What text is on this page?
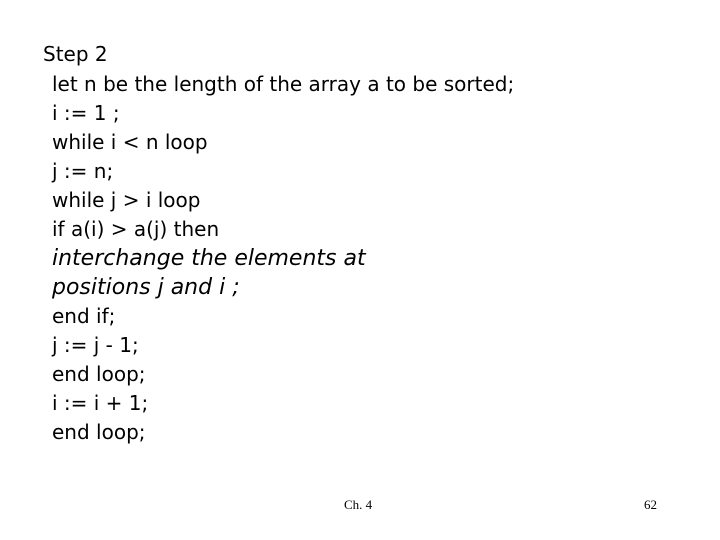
Step 2
let n be the length of the array a to be sorted;
i := 1 ;
while i < n loop
j := n;
while j > i loop
if a(i) > a(j) then
interchange the elements at
positions j and i ;
end if;
j := j - 1;
end loop;
i := i + 1;
end loop;
Ch. 4	62
